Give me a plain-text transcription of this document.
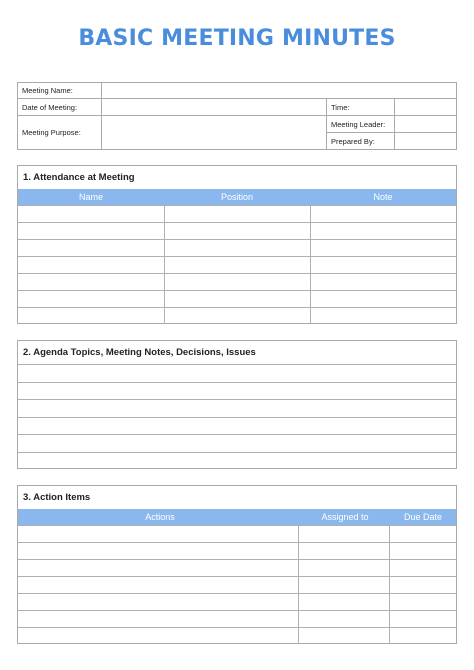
BASIC MEETING MINUTES
Meeting Name:
Date of Meeting:	Time:
Meeting Purpose:
Meeting Leader:
Prepared By:
1. Attendance at Meeting
Name	Position	Note
2. Agenda Topics, Meeting Notes, Decisions, Issues
3. Action Items
Actions	Assigned to	Due Date
